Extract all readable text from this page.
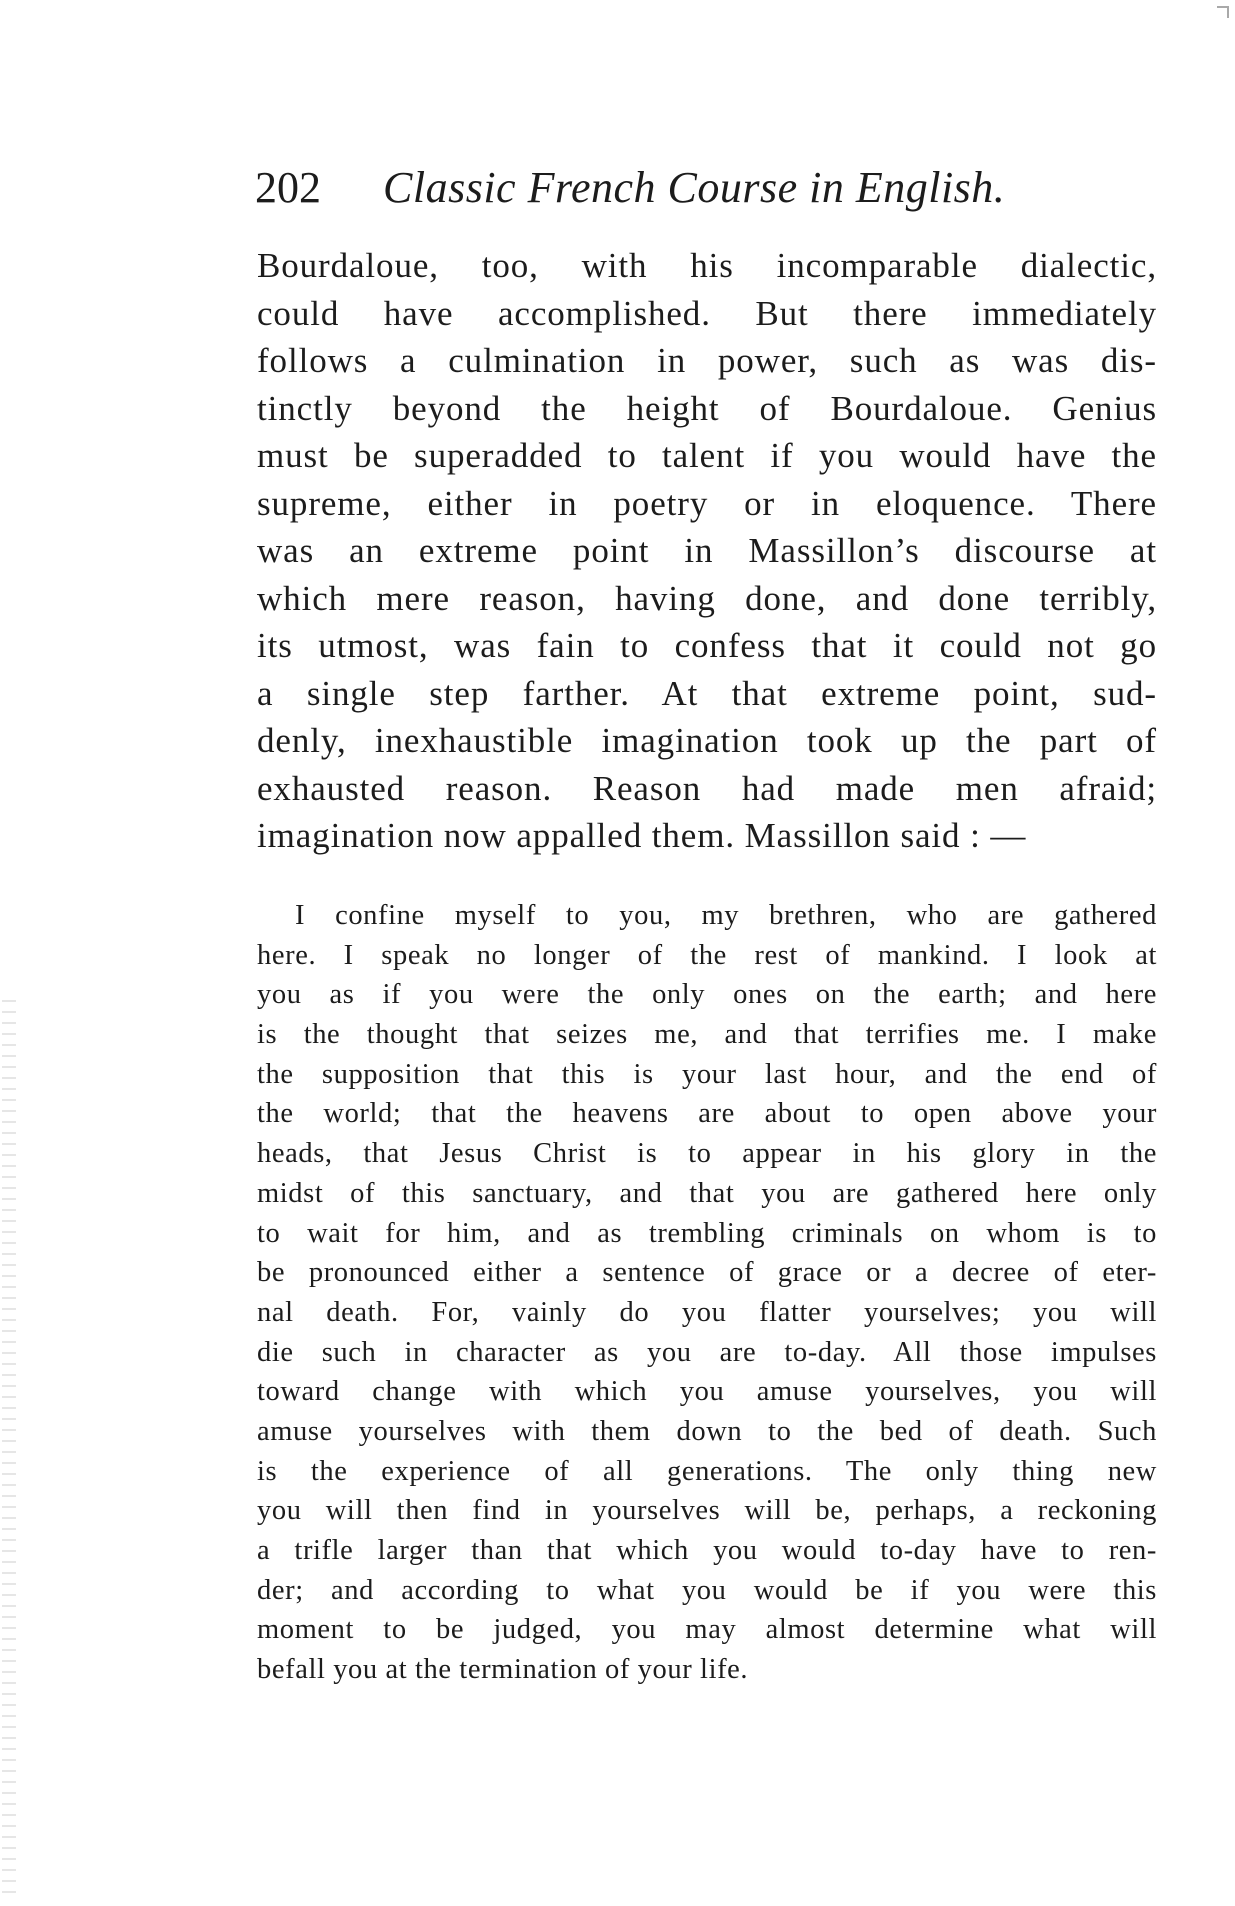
202 Classic French Course in English.
Bourdaloue, too, with his incomparable dialectic,
could have accomplished. But there immediately
follows a culmination in power, such as was dis-
tinctly beyond the height of Bourdaloue. Genius
must be superadded to talent if you would have the
supreme, either in poetry or in eloquence. There
was an extreme point in Massillon’s discourse at
which mere reason, having done, and done terribly,
its utmost, was fain to confess that it could not go
a single step farther. At that extreme point, sud-
denly, inexhaustible imagination took up the part of
exhausted reason. Reason had made men afraid;
imagination now appalled them. Massillon said : —
I confine myself to you, my brethren, who are gathered
here. I speak no longer of the rest of mankind. I look at
you as if you were the only ones on the earth; and here
is the thought that seizes me, and that terrifies me. I make
the supposition that this is your last hour, and the end of
the world; that the heavens are about to open above your
heads, that Jesus Christ is to appear in his glory in the
midst of this sanctuary, and that you are gathered here only
to wait for him, and as trembling criminals on whom is to
be pronounced either a sentence of grace or a decree of eter-
nal death. For, vainly do you flatter yourselves; you will
die such in character as you are to-day. All those impulses
toward change with which you amuse yourselves, you will
amuse yourselves with them down to the bed of death. Such
is the experience of all generations. The only thing new
you will then find in yourselves will be, perhaps, a reckoning
a trifle larger than that which you would to-day have to ren-
der; and according to what you would be if you were this
moment to be judged, you may almost determine what will
befall you at the termination of your life.
